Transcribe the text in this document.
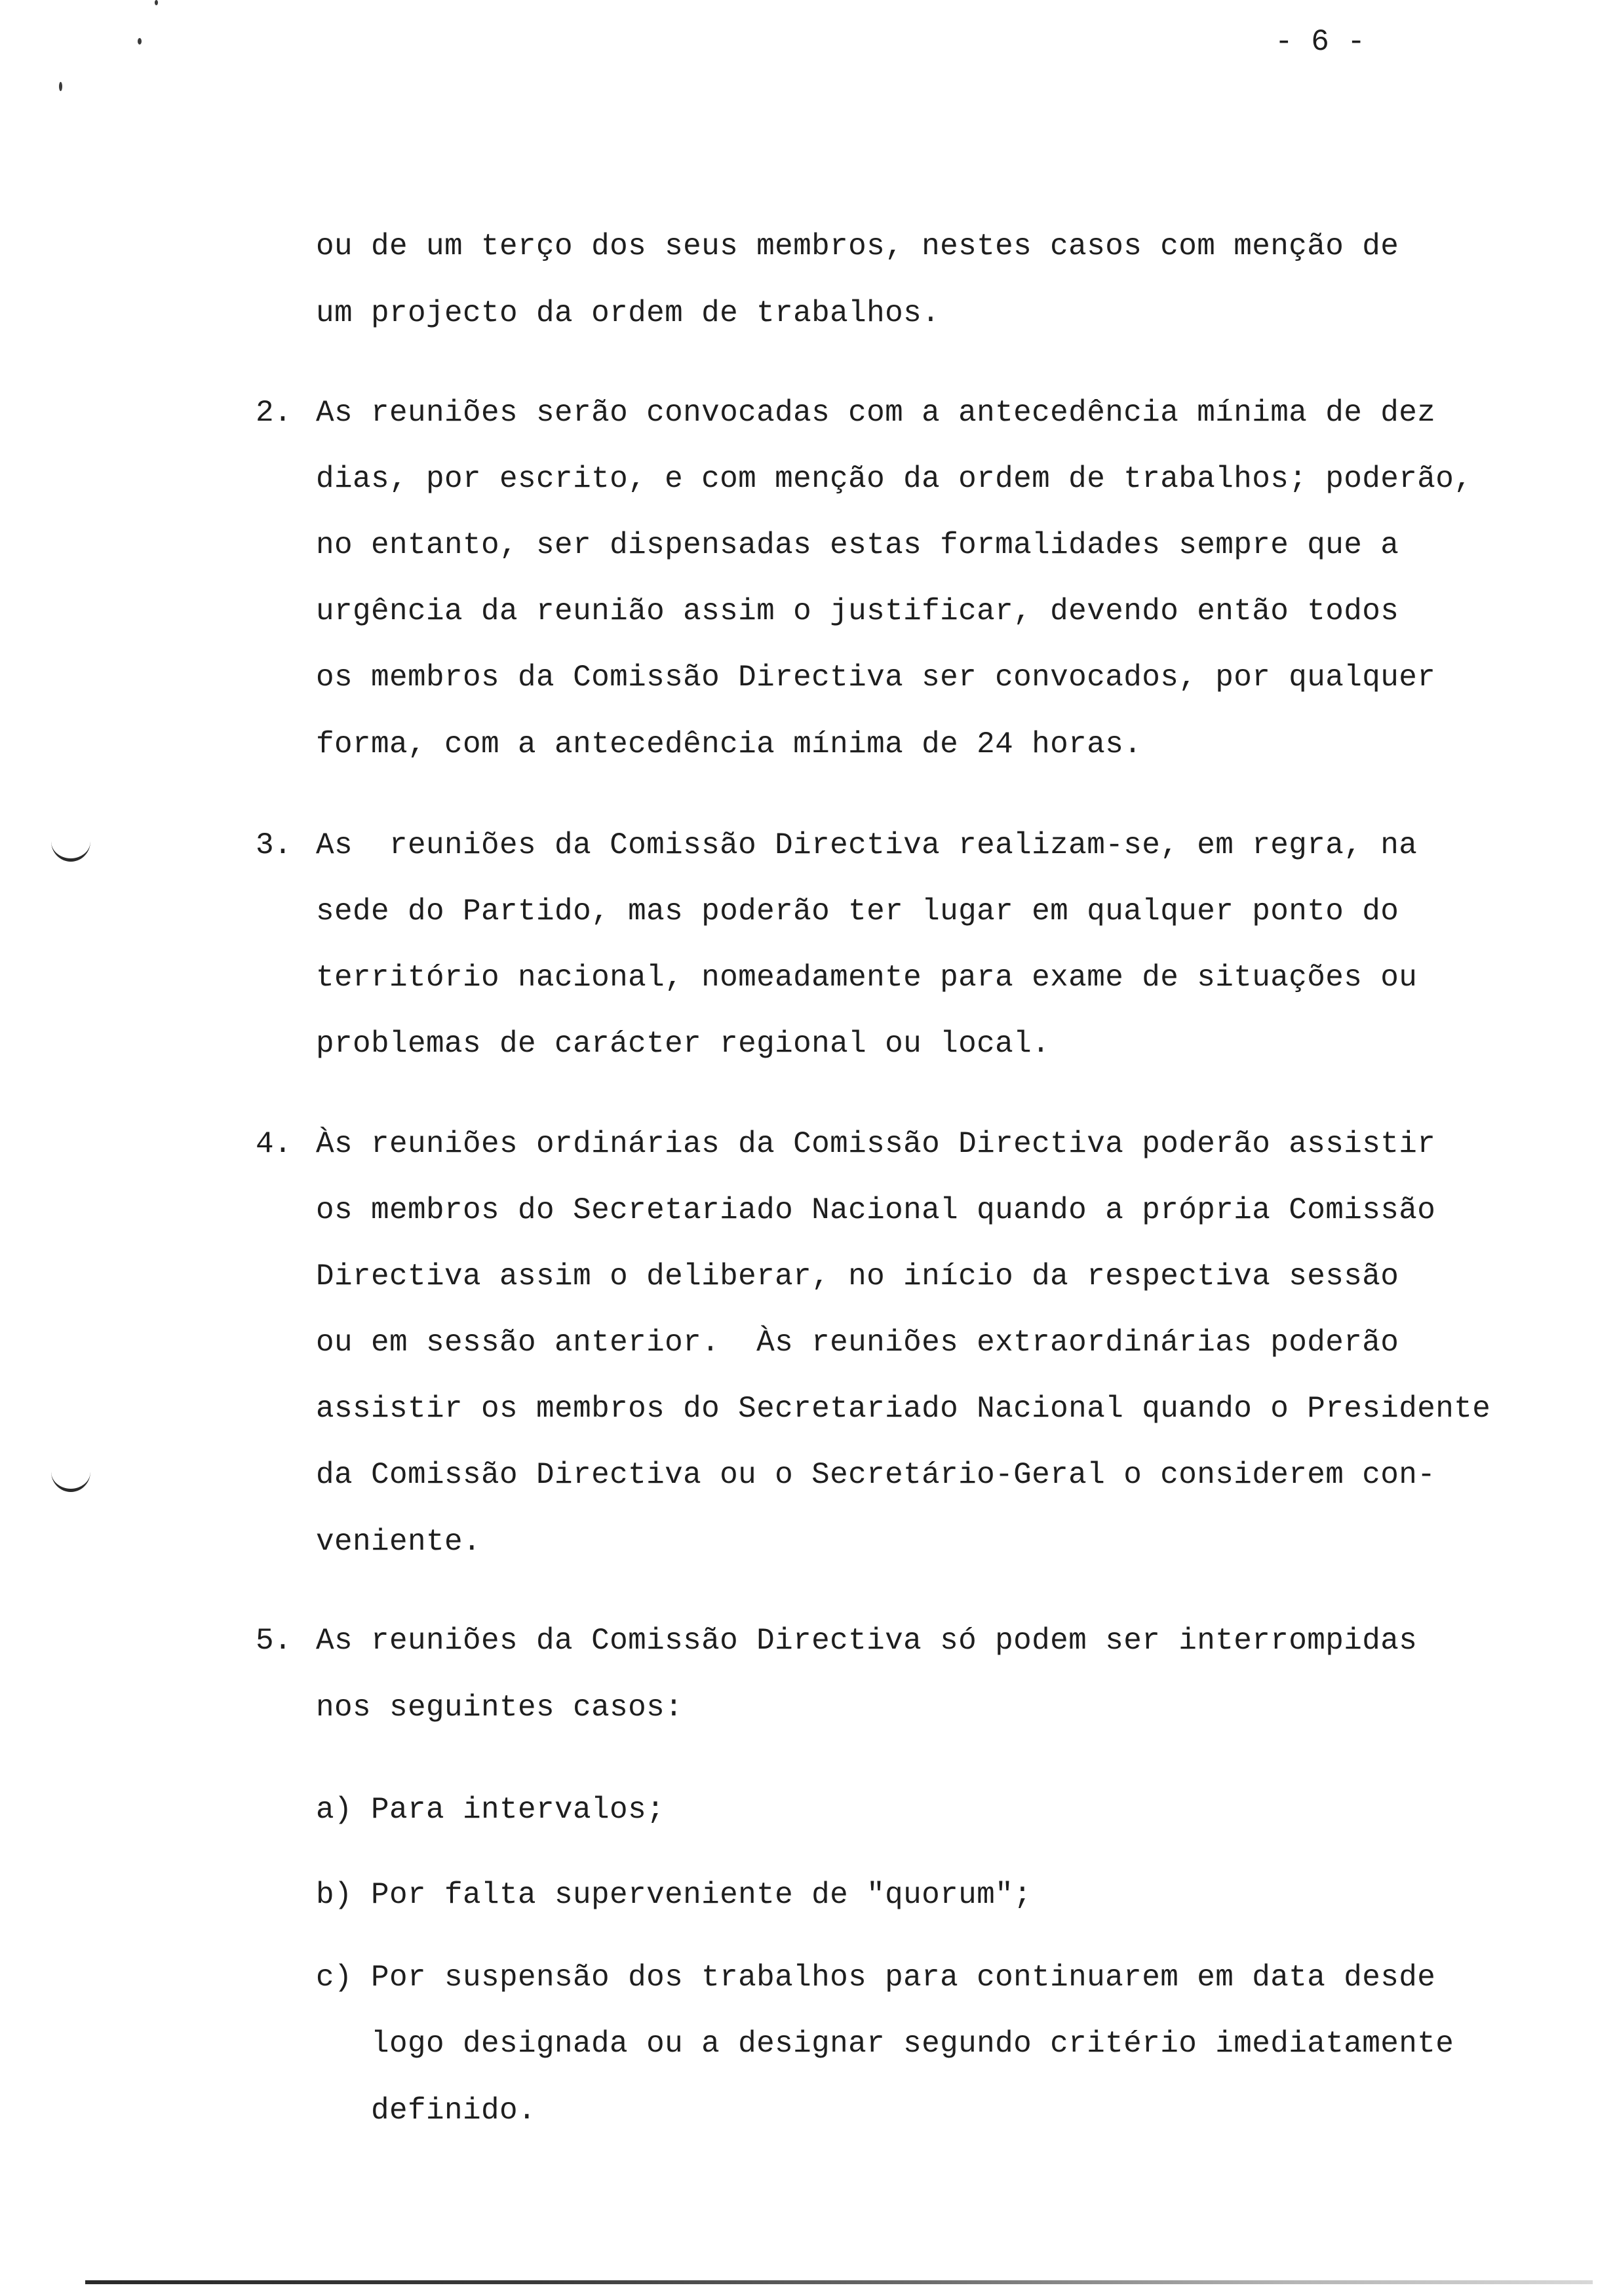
- 6 -
ou de um terço dos seus membros, nestes casos com menção de
um projecto da ordem de trabalhos.
2. As reuniões serão convocadas com a antecedência mínima de dez
dias, por escrito, e com menção da ordem de trabalhos; poderão,
no entanto, ser dispensadas estas formalidades sempre que a
urgência da reunião assim o justificar, devendo então todos
os membros da Comissão Directiva ser convocados, por qualquer
forma, com a antecedência mínima de 24 horas.
3. As  reuniões da Comissão Directiva realizam-se, em regra, na
sede do Partido, mas poderão ter lugar em qualquer ponto do
território nacional, nomeadamente para exame de situações ou
problemas de carácter regional ou local.
4. Às reuniões ordinárias da Comissão Directiva poderão assistir
os membros do Secretariado Nacional quando a própria Comissão
Directiva assim o deliberar, no início da respectiva sessão
ou em sessão anterior.  Às reuniões extraordinárias poderão
assistir os membros do Secretariado Nacional quando o Presidente
da Comissão Directiva ou o Secretário-Geral o considerem con-
veniente.
5. As reuniões da Comissão Directiva só podem ser interrompidas
nos seguintes casos:
a) Para intervalos;
b) Por falta superveniente de "quorum";
c) Por suspensão dos trabalhos para continuarem em data desde
logo designada ou a designar segundo critério imediatamente
definido.
